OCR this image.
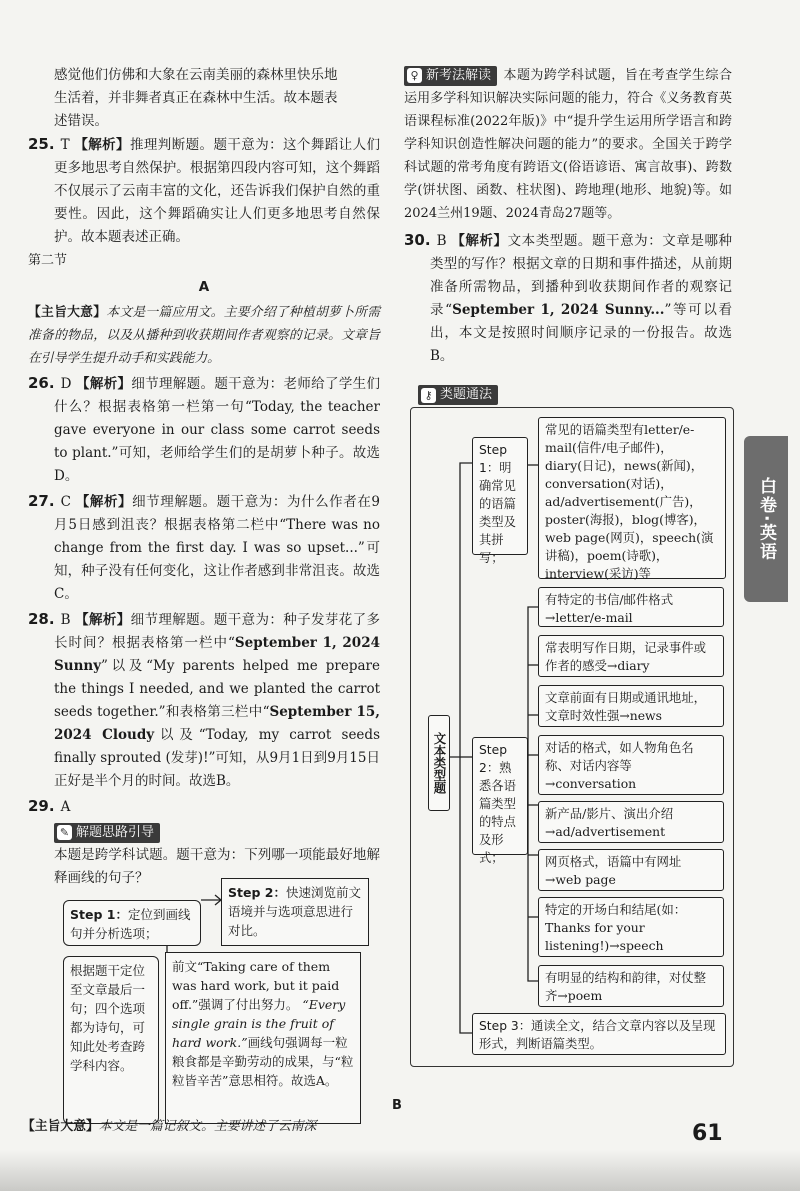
感觉他们仿佛和大象在云南美丽的森林里快乐地

生活着，并非舞者真正在森林中生活。故本题表

述错误。

25. T 【解析】推理判断题。题干意为：这个舞蹈让人们更多地思考自然保护。根据第四段内容可知，这个舞蹈不仅展示了云南丰富的文化，还告诉我们保护自然的重要性。因此，这个舞蹈确实让人们更多地思考自然保护。故本题表述正确。

第二节

A

【主旨大意】本文是一篇应用文。主要介绍了种植胡萝卜所需准备的物品，以及从播种到收获期间作者观察的记录。文章旨在引导学生提升动手和实践能力。

26. D 【解析】细节理解题。题干意为：老师给了学生们什么？根据表格第一栏第一句“Today, the teacher gave everyone in our class some carrot seeds to plant.”可知，老师给学生们的是胡萝卜种子。故选D。

27. C 【解析】细节理解题。题干意为：为什么作者在9月5日感到沮丧？根据表格第二栏中“There was no change from the first day. I was so upset...”可知，种子没有任何变化，这让作者感到非常沮丧。故选C。

28. B 【解析】细节理解题。题干意为：种子发芽花了多长时间？根据表格第一栏中“September 1, 2024 Sunny”以及“My parents helped me prepare the things I needed, and we planted the carrot seeds together.”和表格第三栏中“September 15, 2024 Cloudy以及“Today, my carrot seeds finally sprouted (发芽)!”可知，从9月1日到9月15日正好是半个月的时间。故选B。

29. A

✎ 解题思路引导

本题是跨学科试题。题干意为：下列哪一项能最好地解释画线的句子？

Step 1：定位到画线句并分析选项；
Step 2：快速浏览前文语境并与选项意思进行对比。
根据题干定位至文章最后一句；四个选项都为诗句，可知此处考查跨学科内容。
前文“Taking care of them was hard work, but it paid off.”强调了付出努力。 “Every single grain is the fruit of hard work.”画线句强调每一粒粮食都是辛勤劳动的成果，与“粒粒皆辛苦”意思相符。故选A。

♀ 新考法解读 本题为跨学科试题，旨在考查学生综合运用多学科知识解决实际问题的能力，符合《义务教育英语课程标准(2022年版)》中“提升学生运用所学语言和跨学科知识创造性解决问题的能力”的要求。全国关于跨学科试题的常考角度有跨语文(俗语谚语、寓言故事)、跨数学(饼状图、函数、柱状图)、跨地理(地形、地貌)等。如2024兰州19题、2024青岛27题等。

30. B 【解析】文本类型题。题干意为：文章是哪种类型的写作？根据文章的日期和事件描述，从前期准备所需物品，到播种到收获期间作者的观察记录“September 1, 2024 Sunny...”等可以看出，本文是按照时间顺序记录的一份报告。故选B。

⚷ 类题通法
文本类型题
Step 1：明确常见的语篇类型及其拼写；
常见的语篇类型有letter/e-mail(信件/电子邮件)，diary(日记)，news(新闻)，conversation(对话)，ad/advertisement(广告)，poster(海报)，blog(博客)，web page(网页)，speech(演讲稿)，poem(诗歌)，interview(采访)等
Step 2：熟悉各语篇类型的特点及形式；
有特定的书信/邮件格式→letter/e-mail
常表明写作日期，记录事件或作者的感受→diary
文章前面有日期或通讯地址，文章时效性强→news
对话的格式，如人物角色名称、对话内容等→conversation
新产品/影片、演出介绍→ad/advertisement
网页格式，语篇中有网址→web page
特定的开场白和结尾(如：Thanks for your listening!)→speech
有明显的结构和韵律，对仗整齐→poem
Step 3：通读全文，结合文章内容以及呈现形式，判断语篇类型。
白卷·英语

B

【主旨大意】本文是一篇记叙文。主要讲述了云南深	61
